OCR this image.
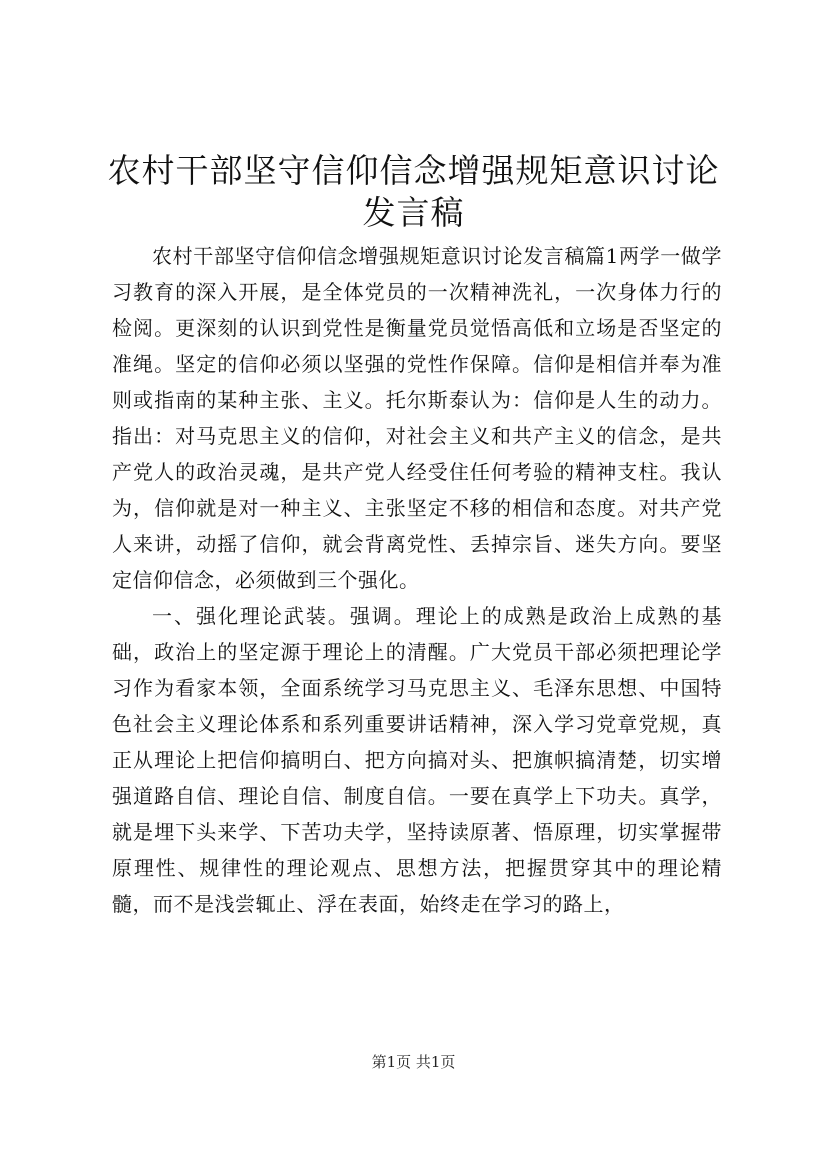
农村干部坚守信仰信念增强规矩意识讨论发言稿

农村干部坚守信仰信念增强规矩意识讨论发言稿篇1两学一做学习教育的深入开展，是全体党员的一次精神洗礼，一次身体力行的检阅。更深刻的认识到党性是衡量党员觉悟高低和立场是否坚定的准绳。坚定的信仰必须以坚强的党性作保障。信仰是相信并奉为准则或指南的某种主张、主义。托尔斯泰认为：信仰是人生的动力。指出：对马克思主义的信仰，对社会主义和共产主义的信念，是共产党人的政治灵魂，是共产党人经受住任何考验的精神支柱。我认为，信仰就是对一种主义、主张坚定不移的相信和态度。对共产党人来讲，动摇了信仰，就会背离党性、丢掉宗旨、迷失方向。要坚定信仰信念，必须做到三个强化。

一、强化理论武装。强调。理论上的成熟是政治上成熟的基础，政治上的坚定源于理论上的清醒。广大党员干部必须把理论学习作为看家本领，全面系统学习马克思主义、毛泽东思想、中国特色社会主义理论体系和系列重要讲话精神，深入学习党章党规，真正从理论上把信仰搞明白、把方向搞对头、把旗帜搞清楚，切实增强道路自信、理论自信、制度自信。一要在真学上下功夫。真学，就是埋下头来学、下苦功夫学，坚持读原著、悟原理，切实掌握带原理性、规律性的理论观点、思想方法，把握贯穿其中的理论精髓，而不是浅尝辄止、浮在表面，始终走在学习的路上，

第1页 共1页
